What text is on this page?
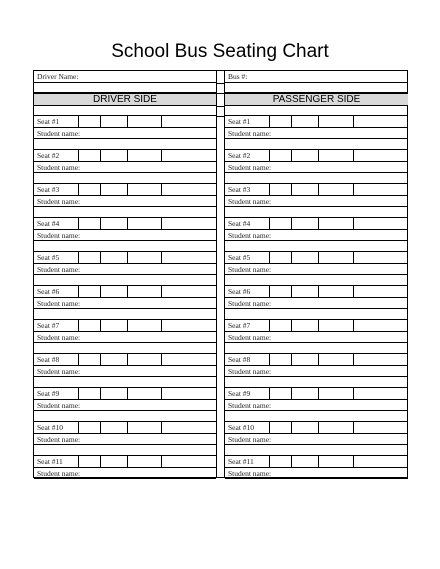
School Bus Seating Chart
Driver Name:
DRIVER SIDE
Seat #1
Student name:
Seat #2
Student name:
Seat #3
Student name:
Seat #4
Student name:
Seat #5
Student name:
Seat #6
Student name:
Seat #7
Student name:
Seat #8
Student name:
Seat #9
Student name:
Seat #10
Student name:
Seat #11
Student name:
Bus #:
PASSENGER SIDE
Seat #1
Student name:
Seat #2
Student name:
Seat #3
Student name:
Seat #4
Student name:
Seat #5
Student name:
Seat #6
Student name:
Seat #7
Student name:
Seat #8
Student name:
Seat #9
Student name:
Seat #10
Student name:
Seat #11
Student name:
